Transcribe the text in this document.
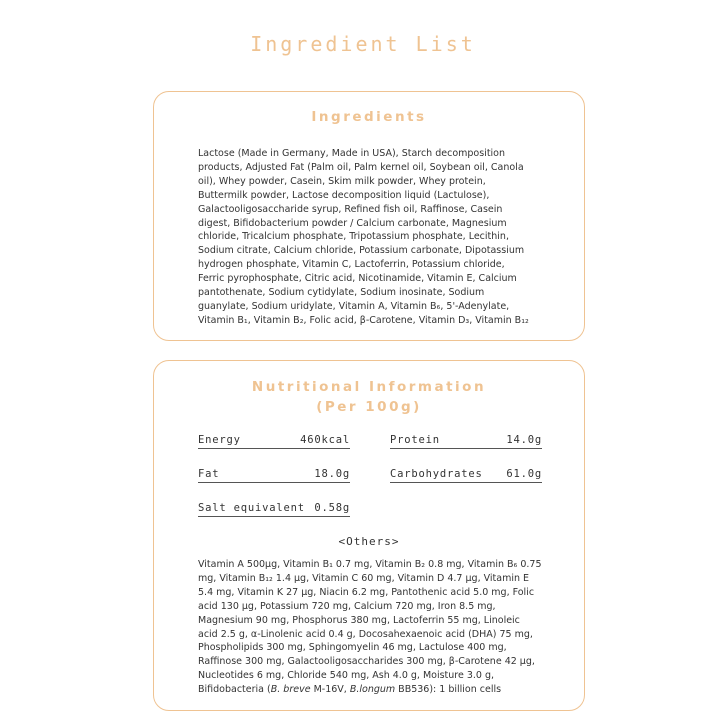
Ingredient List
Ingredients
Lactose (Made in Germany, Made in USA), Starch decomposition
products, Adjusted Fat (Palm oil, Palm kernel oil, Soybean oil, Canola
oil), Whey powder, Casein, Skim milk powder, Whey protein,
Buttermilk powder, Lactose decomposition liquid (Lactulose),
Galactooligosaccharide syrup, Refined fish oil, Raffinose, Casein
digest, Bifidobacterium powder / Calcium carbonate, Magnesium
chloride, Tricalcium phosphate, Tripotassium phosphate, Lecithin,
Sodium citrate, Calcium chloride, Potassium carbonate, Dipotassium
hydrogen phosphate, Vitamin C, Lactoferrin, Potassium chloride,
Ferric pyrophosphate, Citric acid, Nicotinamide, Vitamin E, Calcium
pantothenate, Sodium cytidylate, Sodium inosinate, Sodium
guanylate, Sodium uridylate, Vitamin A, Vitamin B₆, 5'-Adenylate,
Vitamin B₁, Vitamin B₂, Folic acid, β-Carotene, Vitamin D₃, Vitamin B₁₂
Nutritional Information
(Per 100g)
Energy	460kcal	Protein	14.0g
Fat	18.0g	Carbohydrates 61.0g
Salt equivalent 0.58g
<Others>
Vitamin A 500μg, Vitamin B₁ 0.7 mg, Vitamin B₂ 0.8 mg, Vitamin B₆ 0.75
mg, Vitamin B₁₂ 1.4 μg, Vitamin C 60 mg, Vitamin D 4.7 μg, Vitamin E
5.4 mg, Vitamin K 27 μg, Niacin 6.2 mg, Pantothenic acid 5.0 mg, Folic
acid 130 μg, Potassium 720 mg, Calcium 720 mg, Iron 8.5 mg,
Magnesium 90 mg, Phosphorus 380 mg, Lactoferrin 55 mg, Linoleic
acid 2.5 g, α-Linolenic acid 0.4 g, Docosahexaenoic acid (DHA) 75 mg,
Phospholipids 300 mg, Sphingomyelin 46 mg, Lactulose 400 mg,
Raffinose 300 mg, Galactooligosaccharides 300 mg, β-Carotene 42 μg,
Nucleotides 6 mg, Chloride 540 mg, Ash 4.0 g, Moisture 3.0 g,
Bifidobacteria (B. breve M-16V, B.longum BB536): 1 billion cells
